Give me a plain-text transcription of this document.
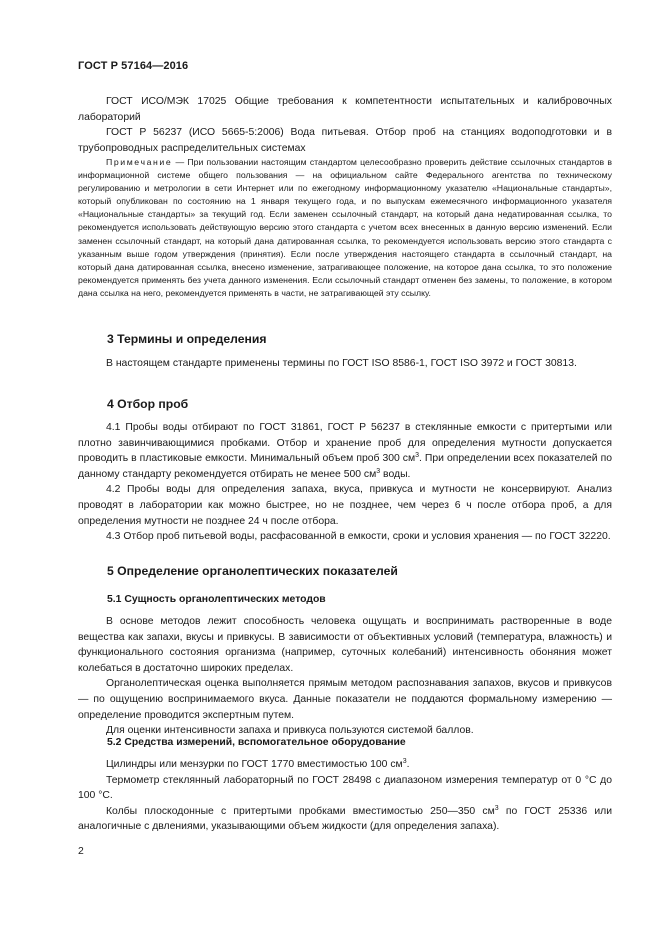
ГОСТ Р 57164—2016

ГОСТ ИСО/МЭК 17025 Общие требования к компетентности испытательных и калибровочных лабораторий

ГОСТ Р 56237 (ИСО 5665-5:2006) Вода питьевая. Отбор проб на станциях водоподготовки и в трубопроводных распределительных системах

Примечание — При пользовании настоящим стандартом целесообразно проверить действие ссылочных стандартов в информационной системе общего пользования — на официальном сайте Федерального агентства по техническому регулированию и метрологии в сети Интернет или по ежегодному информационному указателю «Национальные стандарты», который опубликован по состоянию на 1 января текущего года, и по выпускам ежемесячного информационного указателя «Национальные стандарты» за текущий год. Если заменен ссылочный стандарт, на который дана недатированная ссылка, то рекомендуется использовать действующую версию этого стандарта с учетом всех внесенных в данную версию изменений. Если заменен ссылочный стандарт, на который дана датированная ссылка, то рекомендуется использовать версию этого стандарта с указанным выше годом утверждения (принятия). Если после утверждения настоящего стандарта в ссылочный стандарт, на который дана датированная ссылка, внесено изменение, затрагивающее положение, на которое дана ссылка, то это положение рекомендуется применять без учета данного изменения. Если ссылочный стандарт отменен без замены, то положение, в котором дана ссылка на него, рекомендуется применять в части, не затрагивающей эту ссылку.

3 Термины и определения

В настоящем стандарте применены термины по ГОСТ ISO 8586-1, ГОСТ ISO 3972 и ГОСТ 30813.

4 Отбор проб

4.1 Пробы воды отбирают по ГОСТ 31861, ГОСТ Р 56237 в стеклянные емкости с притертыми или плотно завинчивающимися пробками. Отбор и хранение проб для определения мутности допускается проводить в пластиковые емкости. Минимальный объем проб 300 $см^3$. При определении всех показателей по данному стандарту рекомендуется отбирать не менее 500 $см^3$ воды.

4.2 Пробы воды для определения запаха, вкуса, привкуса и мутности не консервируют. Анализ проводят в лаборатории как можно быстрее, но не позднее, чем через 6 ч после отбора проб, а для определения мутности не позднее 24 ч после отбора.

4.3 Отбор проб питьевой воды, расфасованной в емкости, сроки и условия хранения — по ГОСТ 32220.

5 Определение органолептических показателей
5.1 Сущность органолептических методов

В основе методов лежит способность человека ощущать и воспринимать растворенные в воде вещества как запахи, вкусы и привкусы. В зависимости от объективных условий (температура, влажность) и функционального состояния организма (например, суточных колебаний) интенсивность обоняния может колебаться в достаточно широких пределах.

Органолептическая оценка выполняется прямым методом распознавания запахов, вкусов и привкусов — по ощущению воспринимаемого вкуса. Данные показатели не поддаются формальному измерению — определение проводится экспертным путем.

Для оценки интенсивности запаха и привкуса пользуются системой баллов.

5.2 Средства измерений, вспомогательное оборудование

Цилиндры или мензурки по ГОСТ 1770 вместимостью 100 $см^3$.

Термометр стеклянный лабораторный по ГОСТ 28498 с диапазоном измерения температур от 0 °С до 100 °С.

Колбы плоскодонные с притертыми пробками вместимостью 250—350 $см^3$ по ГОСТ 25336 или аналогичные с двлениями, указывающими объем жидкости (для определения запаха).

2
